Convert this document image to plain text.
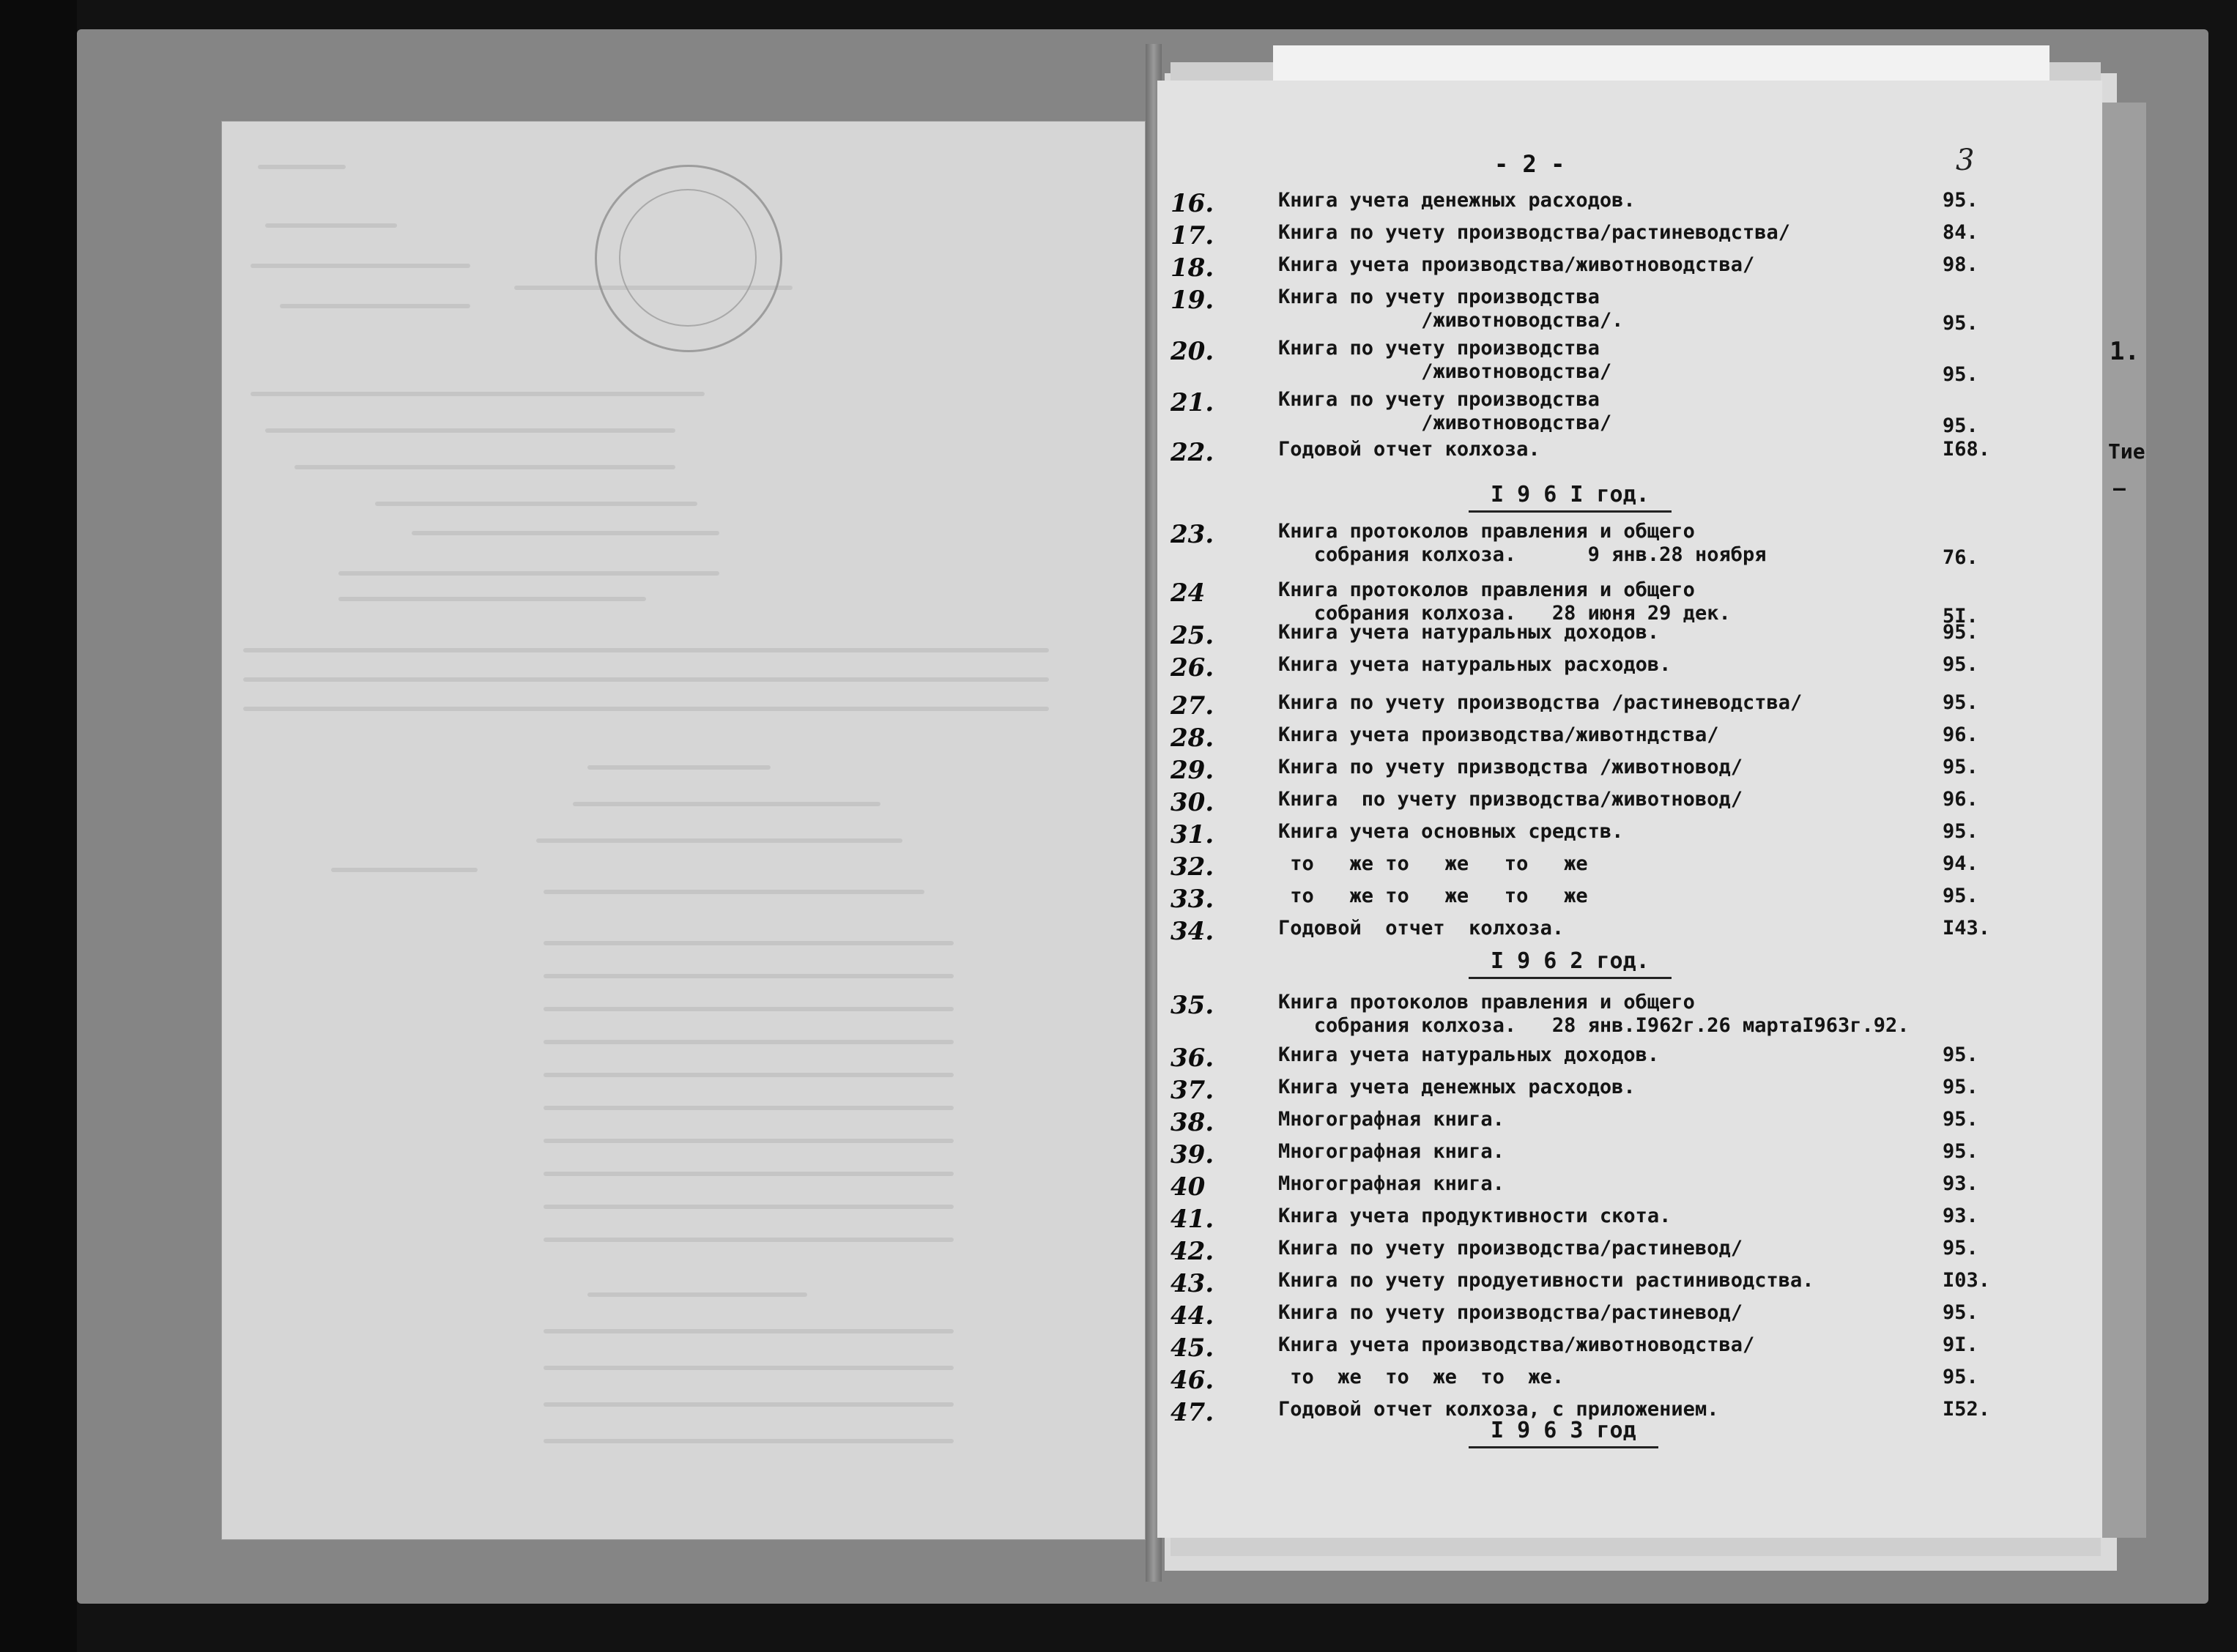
1.
Тие
–
- 2 -	3
16.	Книга учета денежных расходов.	95.
17.	Книга по учету производства/растиневодства/	84.
18.	Книга учета производства/животноводства/	98.
19.	Книга по учету производства
/животноводства/.	95.
20.	Книга по учету производства
/животноводства/	95.
21.	Книга по учету производства
/животноводства/	95.
22.	Годовой отчет колхоза.	I68.
I 9 6 I год.
23.	Книга протоколов правления и общего
собрания колхоза.      9 янв.28 ноября	76.
24	Книга протоколов правления и общего
собрания колхоза.   28 июня 29 дек.	5I.
25.	Книга учета натуральных доходов.	95.
26.	Книга учета натуральных расходов.	95.
27.	Книга по учету производства /растиневодства/	95.
28.	Книга учета производства/животндства/	96.
29.	Книга по учету призводства /животновод/	95.
30.	Книга  по учету призводства/животновод/	96.
31.	Книга учета основных средств.	95.
32.	то   же то   же   то   же	94.
33.	то   же то   же   то   же	95.
34.	Годовой  отчет  колхоза.	I43.
I 9 6 2 год.
35.	Книга протоколов правления и общего
собрания колхоза.   28 янв.I962г.26 мартаI963г.92.
36.	Книга учета натуральных доходов.	95.
37.	Книга учета денежных расходов.	95.
38.	Многографная книга.	95.
39.	Многографная книга.	95.
40	Многографная книга.	93.
41.	Книга учета продуктивности скота.	93.
42.	Книга по учету производства/растиневод/	95.
43.	Книга по учету продуетивности растиниводства.	I03.
44.	Книга по учету производства/растиневод/	95.
45.	Книга учета производства/животноводства/	9I.
46.	то  же  то  же  то  же.	95.
47.	Годовой отчет колхоза, с приложением.	I52.
I 9 6 3 год
